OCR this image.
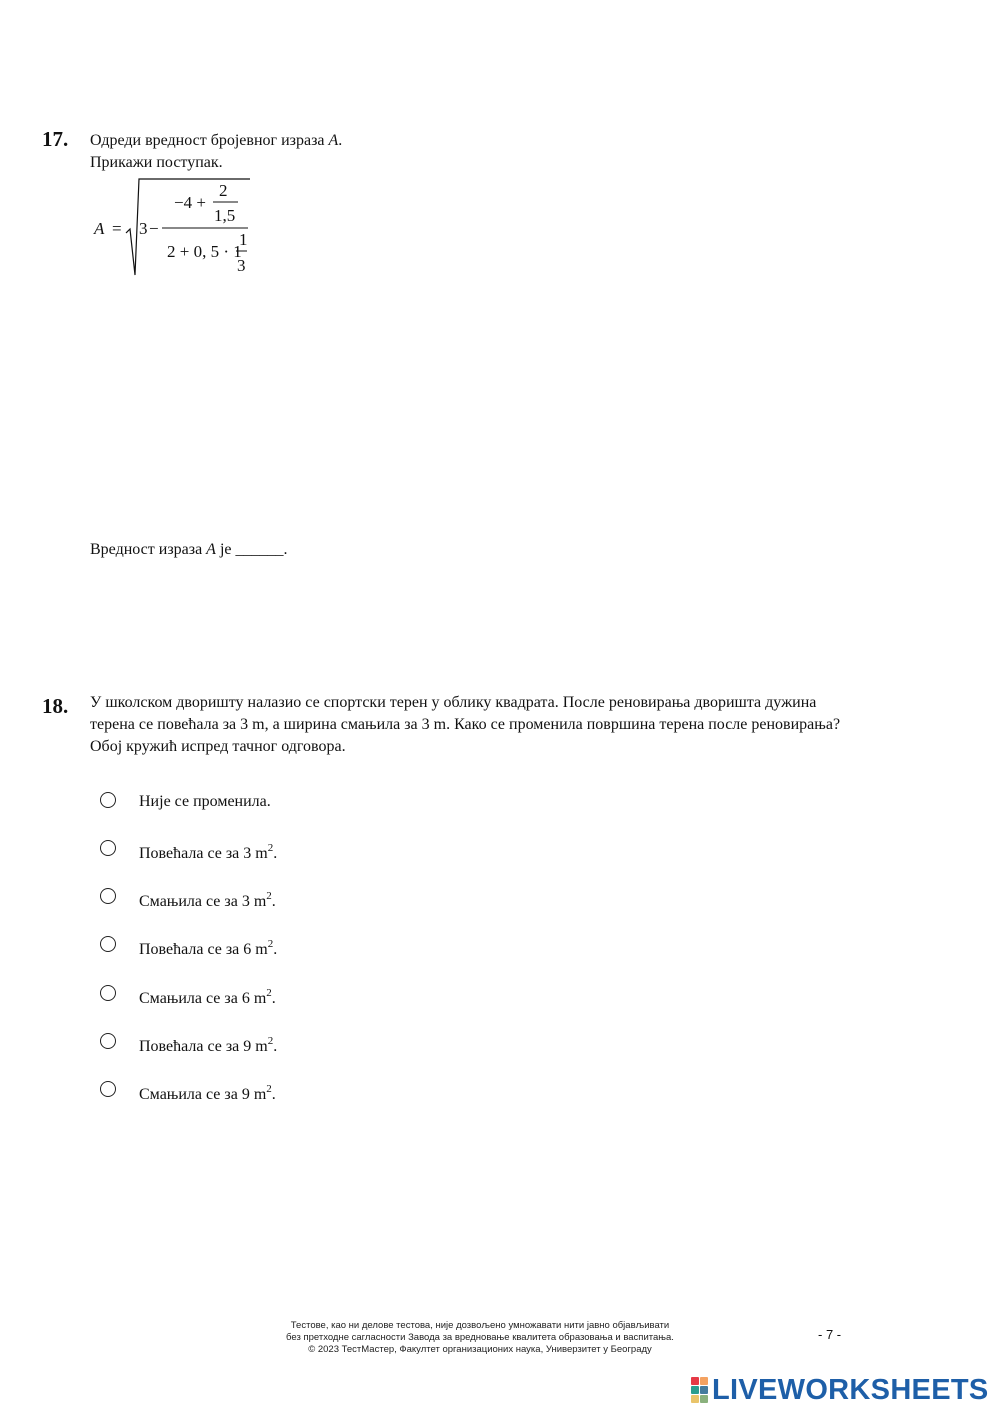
17. Одреди вредност бројевног израза A.
Прикажи поступак.
A = 3 −
−4 +
2
1,5
2 + 0, 5 · 1
1
3
Вредност израза A је ______.
18. У школском дворишту налазио се спортски терен у облику квадрата. После реновирања дворишта дужина
терена се повећала за 3 m, а ширина смањила за 3 m. Како се променила површина терена после реновирања?
Обој кружић испред тачног одговора.
Није се променила.
Повећала се за 3 $m^2$.
Смањила се за 3 $m^2$.
Повећала се за 6 $m^2$.
Смањила се за 6 $m^2$.
Повећала се за 9 $m^2$.
Смањила се за 9 $m^2$.
Тестове, као ни делове тестова, није дозвољено умножавати нити јавно објављивати
без претходне сагласности Завода за вредновање квалитета образовања и васпитања.
© 2023 ТестМастер, Факултет организационих наука, Универзитет у Београду
- 7 -
LIVEWORKSHEETS
